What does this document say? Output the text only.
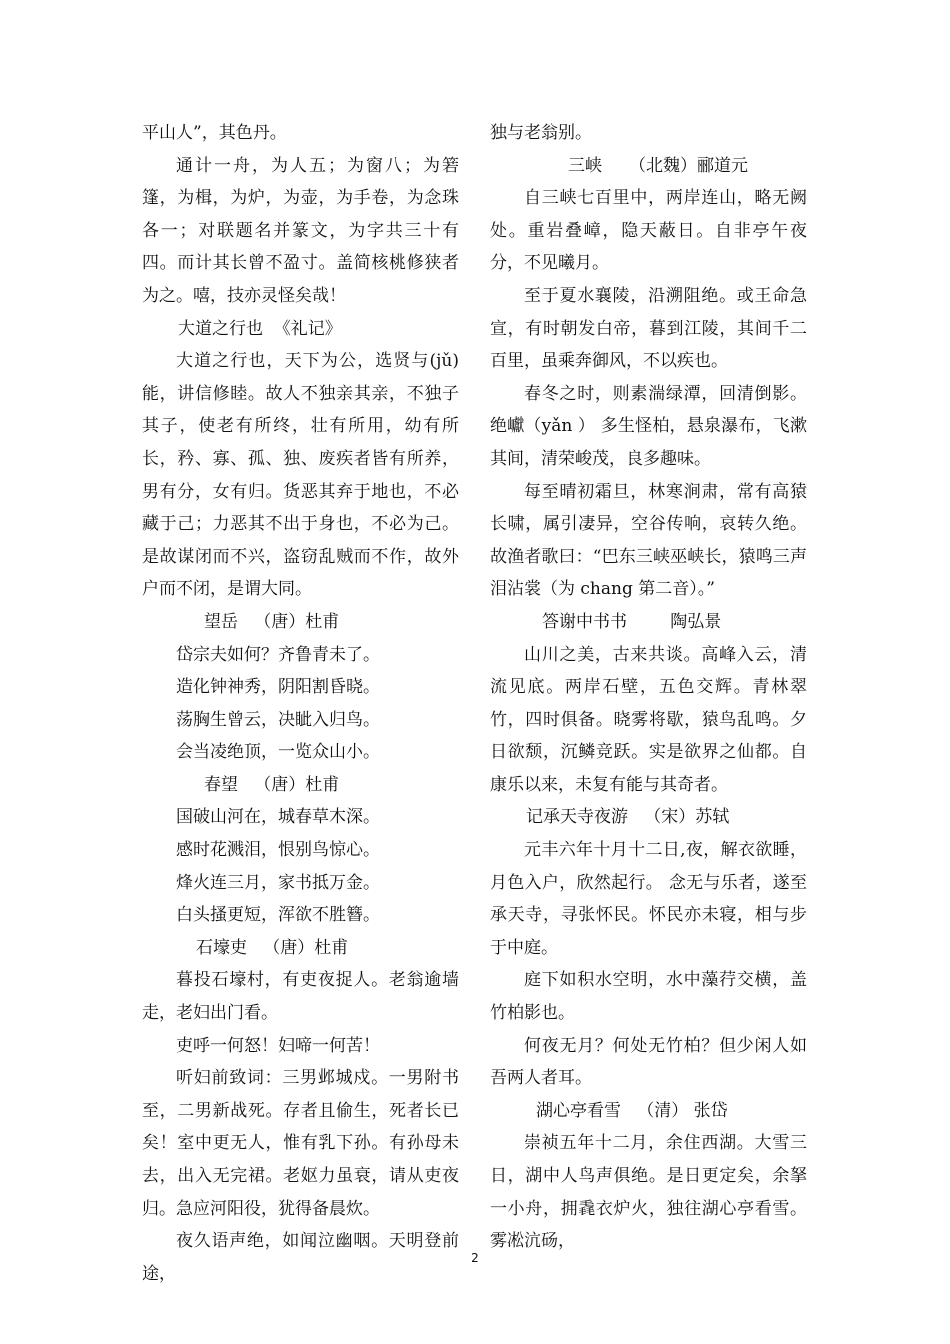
平山人”，其色丹。

通计一舟，为人五；为窗八；为箬篷，为楫，为炉，为壶，为手卷，为念珠各一；对联题名并篆文，为字共三十有四。而计其长曾不盈寸。盖简核桃修狭者为之。嘻，技亦灵怪矣哉！

大道之行也  《礼记》

大道之行也，天下为公，选贤与(jǔ)能，讲信修睦。故人不独亲其亲，不独子其子，使老有所终，壮有所用，幼有所长，矜、寡、孤、独、废疾者皆有所养，男有分，女有归。货恶其弃于地也，不必藏于己；力恶其不出于身也，不必为己。是故谋闭而不兴，盗窃乱贼而不作，故外户而不闭，是谓大同。

望岳   （唐）杜甫

岱宗夫如何？齐鲁青未了。

造化钟神秀，阴阳割昏晓。

荡胸生曾云，决眦入归鸟。

会当凌绝顶，一览众山小。

春望   （唐）杜甫

国破山河在，城春草木深。

感时花溅泪，恨别鸟惊心。

烽火连三月，家书抵万金。

白头搔更短，浑欲不胜簪。

石壕吏   （唐）杜甫

暮投石壕村，有吏夜捉人。老翁逾墙走，老妇出门看。

吏呼一何怒！妇啼一何苦！

听妇前致词：三男邺城戍。一男附书至，二男新战死。存者且偷生，死者长已矣！室中更无人，惟有乳下孙。有孙母未去，出入无完裙。老妪力虽衰，请从吏夜归。急应河阳役，犹得备晨炊。

夜久语声绝，如闻泣幽咽。天明登前途，

独与老翁别。

三峡     （北魏）郦道元

自三峡七百里中，两岸连山，略无阙处。重岩叠嶂，隐天蔽日。自非亭午夜分，不见曦月。

至于夏水襄陵，沿溯阻绝。或王命急宣，有时朝发白帝，暮到江陵，其间千二百里，虽乘奔御风，不以疾也。

春冬之时，则素湍绿潭，回清倒影。绝巘（yǎn ） 多生怪柏，悬泉瀑布，飞漱其间，清荣峻茂，良多趣味。

每至晴初霜旦，林寒涧肃，常有高猿长啸，属引凄异，空谷传响，哀转久绝。故渔者歌曰：“巴东三峡巫峡长，猿鸣三声泪沾裳（为 chang 第二音）。”

答谢中书书        陶弘景

山川之美，古来共谈。高峰入云，清流见底。两岸石壁，五色交辉。青林翠竹，四时俱备。晓雾将歇，猿鸟乱鸣。夕日欲颓，沉鳞竞跃。实是欲界之仙都。自康乐以来，未复有能与其奇者。

记承天寺夜游   （宋）苏轼

元丰六年十月十二日,夜，解衣欲睡，月色入户，欣然起行。 念无与乐者，遂至承天寺，寻张怀民。怀民亦未寝，相与步于中庭。

庭下如积水空明，水中藻荇交横，盖竹柏影也。

何夜无月？何处无竹柏？但少闲人如吾两人者耳。

湖心亭看雪   （清） 张岱

崇祯五年十二月，余住西湖。大雪三日，湖中人鸟声俱绝。是日更定矣，余拏一小舟，拥毳衣炉火，独往湖心亭看雪。雾凇沆砀，

2
